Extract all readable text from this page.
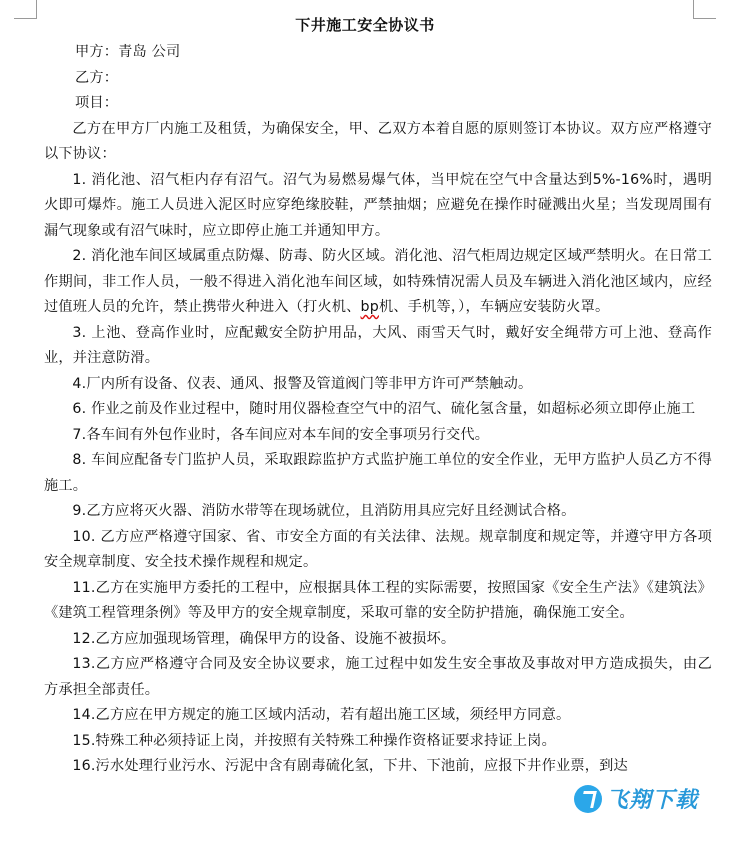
下井施工安全协议书

甲方：青岛 公司

乙方：

项目：

乙方在甲方厂内施工及租赁，为确保安全，甲、乙双方本着自愿的原则签订本协议。双方应严格遵守以下协议：

1. 消化池、沼气柜内存有沼气。沼气为易燃易爆气体，当甲烷在空气中含量达到5%-16%时，遇明火即可爆炸。施工人员进入泥区时应穿绝缘胶鞋，严禁抽烟；应避免在操作时碰溅出火星；当发现周围有漏气现象或有沼气味时，应立即停止施工并通知甲方。

2. 消化池车间区域属重点防爆、防毒、防火区域。消化池、沼气柜周边规定区域严禁明火。在日常工作期间，非工作人员，一般不得进入消化池车间区域，如特殊情况需人员及车辆进入消化池区域内，应经过值班人员的允许，禁止携带火种进入（打火机、bp机、手机等，），车辆应安装防火罩。

3. 上池、登高作业时，应配戴安全防护用品，大风、雨雪天气时，戴好安全绳带方可上池、登高作业，并注意防滑。

4.厂内所有设备、仪表、通风、报警及管道阀门等非甲方许可严禁触动。

6. 作业之前及作业过程中，随时用仪器检查空气中的沼气、硫化氢含量，如超标必须立即停止施工

7.各车间有外包作业时，各车间应对本车间的安全事项另行交代。

8. 车间应配备专门监护人员，采取跟踪监护方式监护施工单位的安全作业，无甲方监护人员乙方不得施工。

9.乙方应将灭火器、消防水带等在现场就位，且消防用具应完好且经测试合格。

10. 乙方应严格遵守国家、省、市安全方面的有关法律、法规。规章制度和规定等，并遵守甲方各项安全规章制度、安全技术操作规程和规定。

11.乙方在实施甲方委托的工程中，应根据具体工程的实际需要，按照国家《安全生产法》《建筑法》《建筑工程管理条例》等及甲方的安全规章制度，采取可靠的安全防护措施，确保施工安全。

12.乙方应加强现场管理，确保甲方的设备、设施不被损坏。

13.乙方应严格遵守合同及安全协议要求，施工过程中如发生安全事故及事故对甲方造成损失，由乙方承担全部责任。

14.乙方应在甲方规定的施工区域内活动，若有超出施工区域，须经甲方同意。

15.特殊工种必须持证上岗，并按照有关特殊工种操作资格证要求持证上岗。

16.污水处理行业污水、污泥中含有剧毒硫化氢，下井、下池前，应报下井作业票，到达

飞翔下载
